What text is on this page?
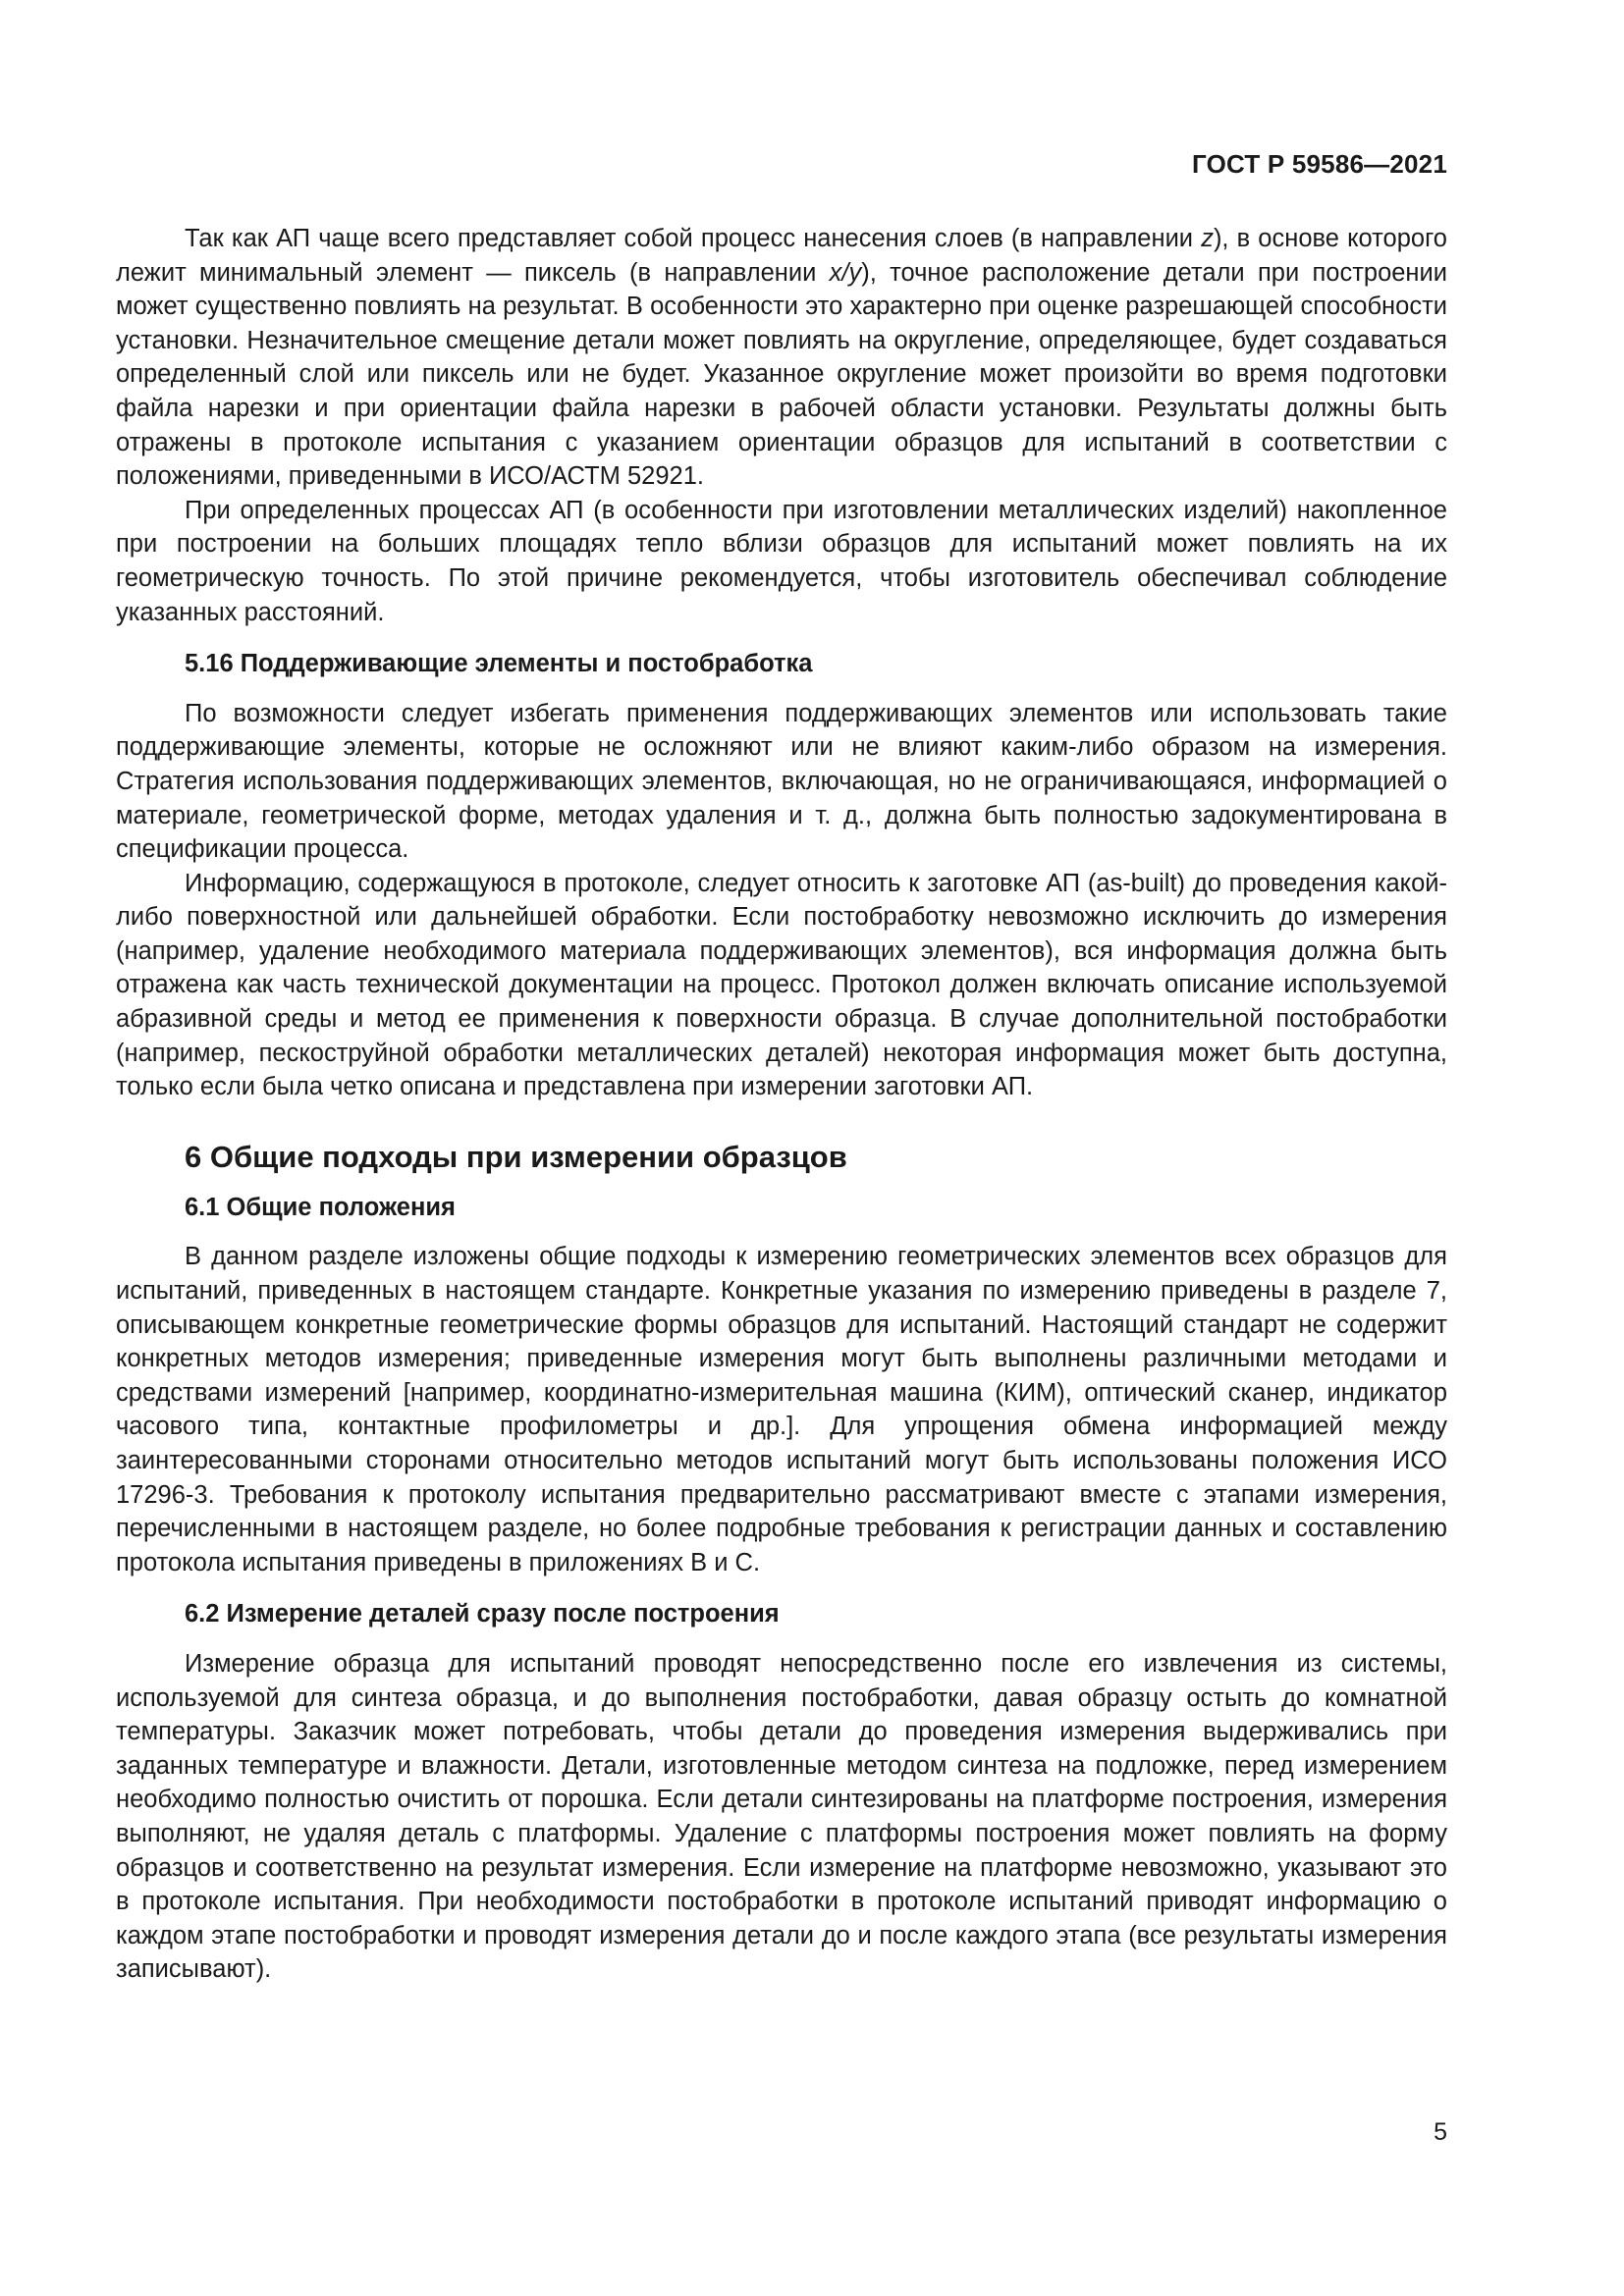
ГОСТ Р 59586—2021

Так как АП чаще всего представляет собой процесс нанесения слоев (в направлении z), в основе которого лежит минимальный элемент — пиксель (в направлении x/y), точное расположение детали при построении может существенно повлиять на результат. В особенности это характерно при оценке разрешающей способности установки. Незначительное смещение детали может повлиять на округление, определяющее, будет создаваться определенный слой или пиксель или не будет. Указанное округление может произойти во время подготовки файла нарезки и при ориентации файла нарезки в рабочей области установки. Результаты должны быть отражены в протоколе испытания с указанием ориентации образцов для испытаний в соответствии с положениями, приведенными в ИСО/АСТМ 52921.

При определенных процессах АП (в особенности при изготовлении металлических изделий) накопленное при построении на больших площадях тепло вблизи образцов для испытаний может повлиять на их геометрическую точность. По этой причине рекомендуется, чтобы изготовитель обеспечивал соблюдение указанных расстояний.

5.16 Поддерживающие элементы и постобработка

По возможности следует избегать применения поддерживающих элементов или использовать такие поддерживающие элементы, которые не осложняют или не влияют каким-либо образом на измерения. Стратегия использования поддерживающих элементов, включающая, но не ограничивающаяся, информацией о материале, геометрической форме, методах удаления и т. д., должна быть полностью задокументирована в спецификации процесса.

Информацию, содержащуюся в протоколе, следует относить к заготовке АП (as-built) до проведения какой-либо поверхностной или дальнейшей обработки. Если постобработку невозможно исключить до измерения (например, удаление необходимого материала поддерживающих элементов), вся информация должна быть отражена как часть технической документации на процесс. Протокол должен включать описание используемой абразивной среды и метод ее применения к поверхности образца. В случае дополнительной постобработки (например, пескоструйной обработки металлических деталей) некоторая информация может быть доступна, только если была четко описана и представлена при измерении заготовки АП.

6 Общие подходы при измерении образцов
6.1 Общие положения

В данном разделе изложены общие подходы к измерению геометрических элементов всех образцов для испытаний, приведенных в настоящем стандарте. Конкретные указания по измерению приведены в разделе 7, описывающем конкретные геометрические формы образцов для испытаний. Настоящий стандарт не содержит конкретных методов измерения; приведенные измерения могут быть выполнены различными методами и средствами измерений [например, координатно-измерительная машина (КИМ), оптический сканер, индикатор часового типа, контактные профилометры и др.]. Для упрощения обмена информацией между заинтересованными сторонами относительно методов испытаний могут быть использованы положения ИСО 17296-3. Требования к протоколу испытания предварительно рассматривают вместе с этапами измерения, перечисленными в настоящем разделе, но более подробные требования к регистрации данных и составлению протокола испытания приведены в приложениях В и С.

6.2 Измерение деталей сразу после построения

Измерение образца для испытаний проводят непосредственно после его извлечения из системы, используемой для синтеза образца, и до выполнения постобработки, давая образцу остыть до комнатной температуры. Заказчик может потребовать, чтобы детали до проведения измерения выдерживались при заданных температуре и влажности. Детали, изготовленные методом синтеза на подложке, перед измерением необходимо полностью очистить от порошка. Если детали синтезированы на платформе построения, измерения выполняют, не удаляя деталь с платформы. Удаление с платформы построения может повлиять на форму образцов и соответственно на результат измерения. Если измерение на платформе невозможно, указывают это в протоколе испытания. При необходимости постобработки в протоколе испытаний приводят информацию о каждом этапе постобработки и проводят измерения детали до и после каждого этапа (все результаты измерения записывают).

5
